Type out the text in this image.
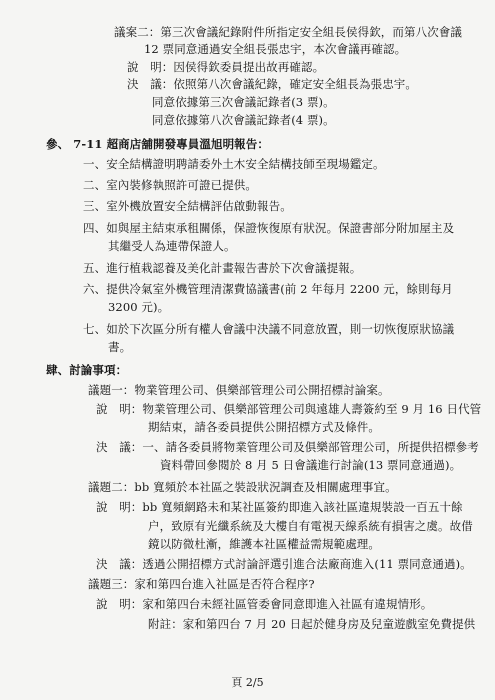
議案二：第三次會議紀錄附件所指定安全組長侯得欽，而第八次會議
12 票同意通過安全組長張忠宇，本次會議再確認。
說　明：因侯得欽委員提出故再確認。
決　議：依照第八次會議紀錄，確定安全組長為張忠宇。
同意依據第三次會議記錄者(3 票)。
同意依據第八次會議記錄者(4 票)。
參、 7-11 超商店舖開發專員溫旭明報告：
一、安全結構證明聘請委外土木安全結構技師至現場鑑定。
二、室內裝修執照許可證已提供。
三、室外機放置安全結構評估啟動報告。
四、如與屋主結束承租關係，保證恢復原有狀況。保證書部分附加屋主及
其繼受人為連帶保證人。
五、進行植栽認養及美化計畫報告書於下次會議提報。
六、提供冷氣室外機管理清潔費協議書(前 2 年每月 2200 元，餘則每月
3200 元)。
七、如於下次區分所有權人會議中決議不同意放置，則一切恢復原狀協議
書。
肆、討論事項：
議題一：物業管理公司、俱樂部管理公司公開招標討論案。
說　明：物業管理公司、俱樂部管理公司與遠雄人壽簽約至 9 月 16 日代管
期結束，請各委員提供公開招標方式及條件。
決　議：一、請各委員將物業管理公司及俱樂部管理公司，所提供招標參考
資料帶回參閱於 8 月 5 日會議進行討論(13 票同意通過)。
議題二：bb 寬頻於本社區之裝設狀況調查及相關處理事宜。
說　明：bb 寬頻網路未和某社區簽約即進入該社區違規裝設一百五十餘
户，致原有光纖系統及大樓自有電視天線系統有損害之虞。故借
鏡以防微杜漸，維護本社區權益需規範處理。
決　議：透過公開招標方式討論評選引進合法廠商進入(11 票同意通過)。
議題三：家和第四台進入社區是否符合程序?
說　明：家和第四台未經社區管委會同意即進入社區有違規情形。
附註：家和第四台 7 月 20 日起於健身房及兒童遊戲室免費提供
頁 2/5
